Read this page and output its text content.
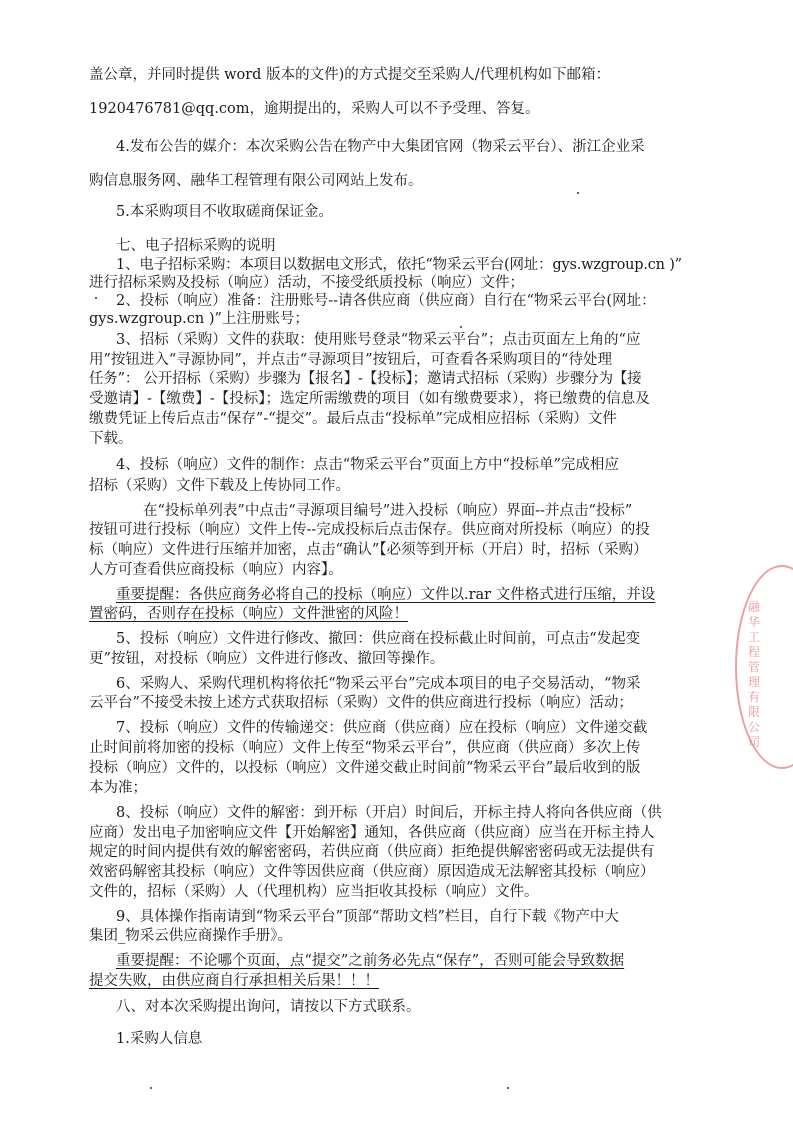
融华工程管理有限公司
盖公章，并同时提供 word 版本的文件)的方式提交至采购人/代理机构如下邮箱：
1920476781@qq.com，逾期提出的，采购人可以不予受理、答复。
4.发布公告的媒介：本次采购公告在物产中大集团官网（物采云平台）、浙江企业采
购信息服务网、融华工程管理有限公司网站上发布。
5.本采购项目不收取磋商保证金。
七、电子招标采购的说明
1、电子招标采购：本项目以数据电文形式，依托“物采云平台(网址：gys.wzgroup.cn )”
进行招标采购及投标（响应）活动，不接受纸质投标（响应）文件；
2、投标（响应）准备：注册账号--请各供应商（供应商）自行在“物采云平台(网址：
gys.wzgroup.cn )”上注册账号；
3、招标（采购）文件的获取：使用账号登录“物采云平台”；点击页面左上角的“应
用”按钮进入“寻源协同”，并点击“寻源项目”按钮后，可查看各采购项目的“待处理
任务”： 公开招标（采购）步骤为【报名】-【投标】；邀请式招标（采购）步骤分为【接
受邀请】-【缴费】-【投标】；选定所需缴费的项目（如有缴费要求），将已缴费的信息及
缴费凭证上传后点击“保存”-“提交”。最后点击“投标单”完成相应招标（采购）文件
下载。
4、投标（响应）文件的制作：点击“物采云平台”页面上方中“投标单”完成相应
招标（采购）文件下载及上传协同工作。
在“投标单列表”中点击“寻源项目编号”进入投标（响应）界面--并点击“投标”
按钮可进行投标（响应）文件上传--完成投标后点击保存。供应商对所投标（响应）的投
标（响应）文件进行压缩并加密，点击“确认”【必须等到开标（开启）时，招标（采购）
人方可查看供应商投标（响应）内容】。
重要提醒：各供应商务必将自己的投标（响应）文件以.rar 文件格式进行压缩，并设
置密码，否则存在投标（响应）文件泄密的风险！
5、投标（响应）文件进行修改、撤回：供应商在投标截止时间前，可点击“发起变
更”按钮，对投标（响应）文件进行修改、撤回等操作。
6、采购人、采购代理机构将依托“物采云平台”完成本项目的电子交易活动，“物采
云平台”不接受未按上述方式获取招标（采购）文件的供应商进行投标（响应）活动；
7、投标（响应）文件的传输递交：供应商（供应商）应在投标（响应）文件递交截
止时间前将加密的投标（响应）文件上传至“物采云平台”，供应商（供应商）多次上传
投标（响应）文件的，以投标（响应）文件递交截止时间前“物采云平台”最后收到的版
本为准；
8、投标（响应）文件的解密：到开标（开启）时间后，开标主持人将向各供应商（供
应商）发出电子加密响应文件【开始解密】通知，各供应商（供应商）应当在开标主持人
规定的时间内提供有效的解密密码，若供应商（供应商）拒绝提供解密密码或无法提供有
效密码解密其投标（响应）文件等因供应商（供应商）原因造成无法解密其投标（响应）
文件的，招标（采购）人（代理机构）应当拒收其投标（响应）文件。
9、具体操作指南请到“物采云平台”顶部“帮助文档”栏目，自行下载《物产中大
集团_物采云供应商操作手册》。
重要提醒：不论哪个页面，点“提交”之前务必先点“保存”，否则可能会导致数据
提交失败，由供应商自行承担相关后果！！！
八、对本次采购提出询问，请按以下方式联系。
1.采购人信息
